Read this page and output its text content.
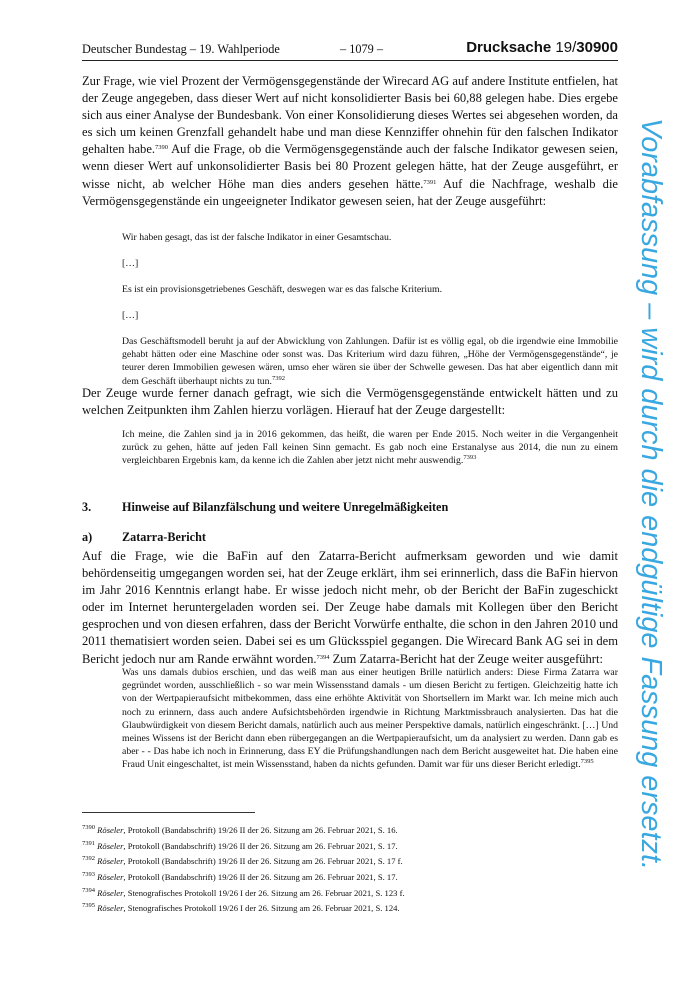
Deutscher Bundestag – 19. Wahlperiode	– 1079 –	Drucksache 19/30900

Zur Frage, wie viel Prozent der Vermögensgegenstände der Wirecard AG auf andere Institute entfielen, hat der Zeuge angegeben, dass dieser Wert auf nicht konsolidierter Basis bei 60,88 gelegen habe. Dies ergebe sich aus einer Analyse der Bundesbank. Von einer Konsolidierung dieses Wertes sei abgesehen worden, da es sich um keinen Grenzfall gehandelt habe und man diese Kennziffer ohnehin für den falschen Indikator gehalten habe.$^{7390}$ Auf die Frage, ob die Vermögensgegenstände auch der falsche Indikator gewesen seien, wenn dieser Wert auf unkonsolidierter Basis bei 80 Prozent gelegen hätte, hat der Zeuge ausgeführt, er wisse nicht, ab welcher Höhe man dies anders gesehen hätte.$^{7391}$ Auf die Nachfrage, weshalb die Vermögensgegenstände ein ungeeigneter Indikator gewesen seien, hat der Zeuge ausgeführt:

Wir haben gesagt, das ist der falsche Indikator in einer Gesamtschau.

[…]

Es ist ein provisionsgetriebenes Geschäft, deswegen war es das falsche Kriterium.

[…]

Das Geschäftsmodell beruht ja auf der Abwicklung von Zahlungen. Dafür ist es völlig egal, ob die irgendwie eine Immobilie gehabt hätten oder eine Maschine oder sonst was. Das Kriterium wird dazu führen, „Höhe der Vermögensgegenstände“, je teurer deren Immobilien gewesen wären, umso eher wären sie über der Schwelle gewesen. Das hat aber eigentlich dann mit dem Geschäft überhaupt nichts zu tun.$^{7392}$

Der Zeuge wurde ferner danach gefragt, wie sich die Vermögensgegenstände entwickelt hätten und zu welchen Zeitpunkten ihm Zahlen hierzu vorlägen. Hierauf hat der Zeuge dargestellt:

Ich meine, die Zahlen sind ja in 2016 gekommen, das heißt, die waren per Ende 2015. Noch weiter in die Vergangenheit zurück zu gehen, hätte auf jeden Fall keinen Sinn gemacht. Es gab noch eine Erstanalyse aus 2014, die nun zu einem vergleichbaren Ergebnis kam, da kenne ich die Zahlen aber jetzt nicht mehr auswendig.$^{7393}$

3.	Hinweise auf Bilanzfälschung und weitere Unregelmäßigkeiten

a) Zatarra-Bericht

Auf die Frage, wie die BaFin auf den Zatarra-Bericht aufmerksam geworden und wie damit behördenseitig umgegangen worden sei, hat der Zeuge erklärt, ihm sei erinnerlich, dass die BaFin hiervon im Jahr 2016 Kenntnis erlangt habe. Er wisse jedoch nicht mehr, ob der Bericht der BaFin zugeschickt oder im Internet heruntergeladen worden sei. Der Zeuge habe damals mit Kollegen über den Bericht gesprochen und von diesen erfahren, dass der Bericht Vorwürfe enthalte, die schon in den Jahren 2010 und 2011 thematisiert worden seien. Dabei sei es um Glücksspiel gegangen. Die Wirecard Bank AG sei in dem Bericht jedoch nur am Rande erwähnt worden.$^{7394}$ Zum Zatarra-Bericht hat der Zeuge weiter ausgeführt:

Was uns damals dubios erschien, und das weiß man aus einer heutigen Brille natürlich anders: Diese Firma Zatarra war gegründet worden, ausschließlich - so war mein Wissensstand damals - um diesen Bericht zu fertigen. Gleichzeitig hatte ich von der Wertpapieraufsicht mitbekommen, dass eine erhöhte Aktivität von Shortsellern im Markt war. Ich meine mich auch noch zu erinnern, dass auch andere Aufsichtsbehörden irgendwie in Richtung Marktmissbrauch analysierten. Das hat die Glaubwürdigkeit von diesem Bericht damals, natürlich auch aus meiner Perspektive damals, natürlich eingeschränkt. […] Und meines Wissens ist der Bericht dann eben rübergegangen an die Wertpapieraufsicht, um da analysiert zu werden. Dann gab es aber - - Das habe ich noch in Erinnerung, dass EY die Prüfungshandlungen nach dem Bericht ausgeweitet hat. Die haben eine Fraud Unit eingeschaltet, ist mein Wissensstand, haben da nichts gefunden. Damit war für uns dieser Bericht erledigt.$^{7395}$

$^{7390}$ Röseler, Protokoll (Bandabschrift) 19/26 II der 26. Sitzung am 26. Februar 2021, S. 16.

$^{7391}$ Röseler, Protokoll (Bandabschrift) 19/26 II der 26. Sitzung am 26. Februar 2021, S. 17.

$^{7392}$ Röseler, Protokoll (Bandabschrift) 19/26 II der 26. Sitzung am 26. Februar 2021, S. 17 f.

$^{7393}$ Röseler, Protokoll (Bandabschrift) 19/26 II der 26. Sitzung am 26. Februar 2021, S. 17.

$^{7394}$ Röseler, Stenografisches Protokoll 19/26 I der 26. Sitzung am 26. Februar 2021, S. 123 f.

$^{7395}$ Röseler, Stenografisches Protokoll 19/26 I der 26. Sitzung am 26. Februar 2021, S. 124.

Vorabfassung – wird durch die endgültige Fassung ersetzt.
